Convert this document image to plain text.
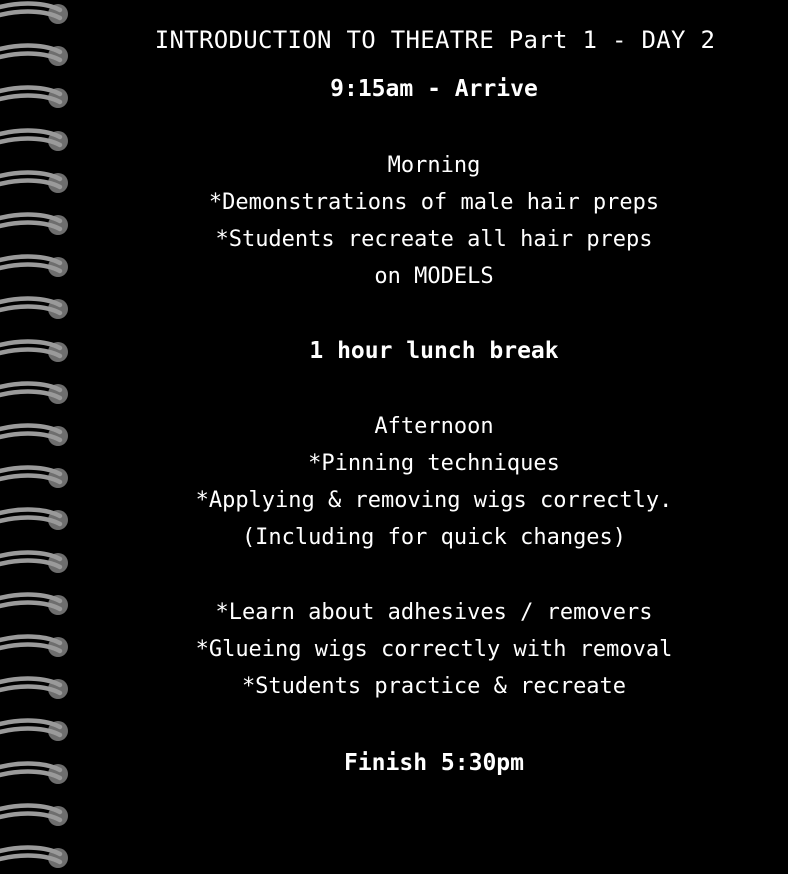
INTRODUCTION TO THEATRE Part 1 - DAY 2
9:15am - Arrive
Morning
*Demonstrations of male hair preps
*Students recreate all hair preps
on MODELS
1 hour lunch break
Afternoon
*Pinning techniques
*Applying & removing wigs correctly.
(Including for quick changes)
*Learn about adhesives / removers
*Glueing wigs correctly with removal
*Students practice & recreate
Finish 5:30pm
